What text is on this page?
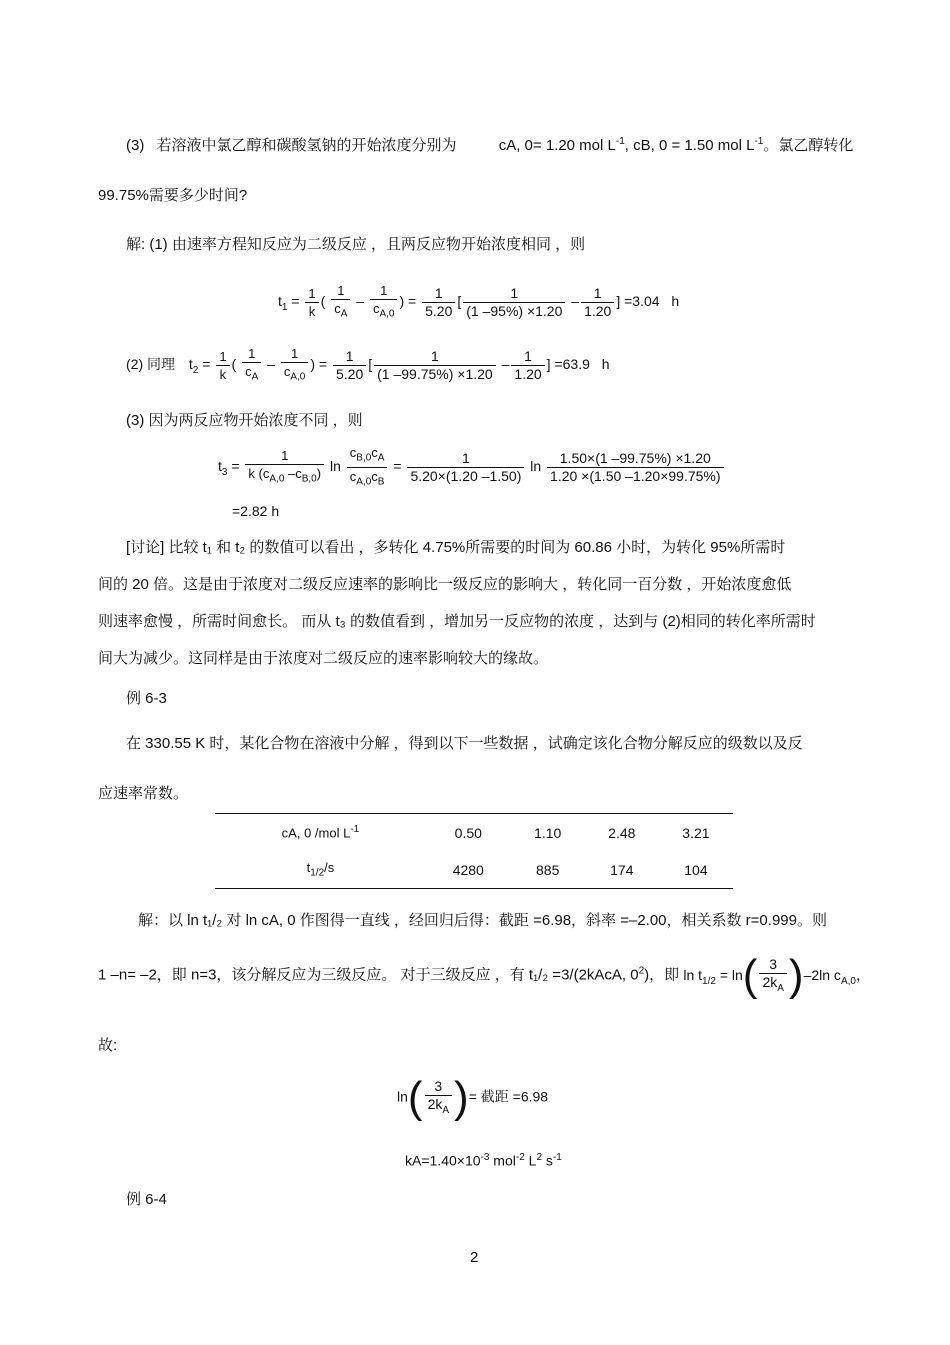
(3) 若溶液中氯乙醇和碳酸氢钠的开始浓度分别为	cA, 0= 1.20 mol $L^{-1}$, cB, 0 = 1.50 mol $L^{-1}$。氯乙醇转化
99.75%需要多少时间?
解: (1) 由速率方程知反应为二级反应 ，且两反应物开始浓度相同 ，则
$t_1 = \frac{1}{k}$ ( $\frac{1}{c_A} - \frac{1}{c_{A,0}}$ ) = $\frac{1}{5.20}$ [ $\frac{1}{(1 -95\%) \times 1.20} - \frac{1}{1.20}$ ] =3.04 h
(2) 同理 $t_2 = \frac{1}{k}$ ( $\frac{1}{c_A} - \frac{1}{c_{A,0}}$ ) = $\frac{1}{5.20}$ [ $\frac{1}{(1 -99.75\%) \times 1.20} - \frac{1}{1.20}$ ] =63.9 h
(3) 因为两反应物开始浓度不同 ，则
$t_3 = \frac{1}{k (c_{A,0} -c_{B,0})}$ $\ln \frac{c_{B,0}c_A}{c_{A,0}c_B} = \frac{1}{5.20\times(1.20 -1.50)}$ $\ln \frac{1.50\times(1 -99.75\%) \times 1.20}{1.20 \times(1.50 -1.20\times 99.75\%)}$
=2.82 h
[讨论] 比较 t₁ 和 t₂ 的数值可以看出 ，多转化 4.75%所需要的时间为 60.86 小时，为转化 95%所需时
间的 20 倍。这是由于浓度对二级反应速率的影响比一级反应的影响大 ，转化同一百分数 ，开始浓度愈低
则速率愈慢 ，所需时间愈长。 而从 t₃ 的数值看到 ，增加另一反应物的浓度 ，达到与 (2)相同的转化率所需时
间大为减少。这同样是由于浓度对二级反应的速率影响较大的缘故。
例 6-3
在 330.55 K 时，某化合物在溶液中分解 ，得到以下一些数据 ，试确定该化合物分解反应的级数以及反
应速率常数。
cA, 0 /mol $L^{-1}$	0.50	1.10	2.48	3.21
$t_{1/2}/s$	4280	885	174	104
解：以 ln t₁/₂ 对 ln cA, 0 作图得一直线 ，经回归后得：截距 =6.98，斜率 =–2.00，相关系数 r=0.999。则
1 –n= –2，即 n=3，该分解反应为三级反应。 对于三级反应 ，有 t₁/₂ =3/(2kAcA, $0^2$)，即 $\ln t_{1/2} = \ln( \frac{3}{2k_A} )-2\ln$ $c_{A,0}$，
故:
$\ln( \frac{3}{2k_A}$ )= 截距 =6.98
$kA=1.40\times 10^{-3}$ mol$^{-2}$ $L^2$ $s^{-1}$
例 6-4
2
